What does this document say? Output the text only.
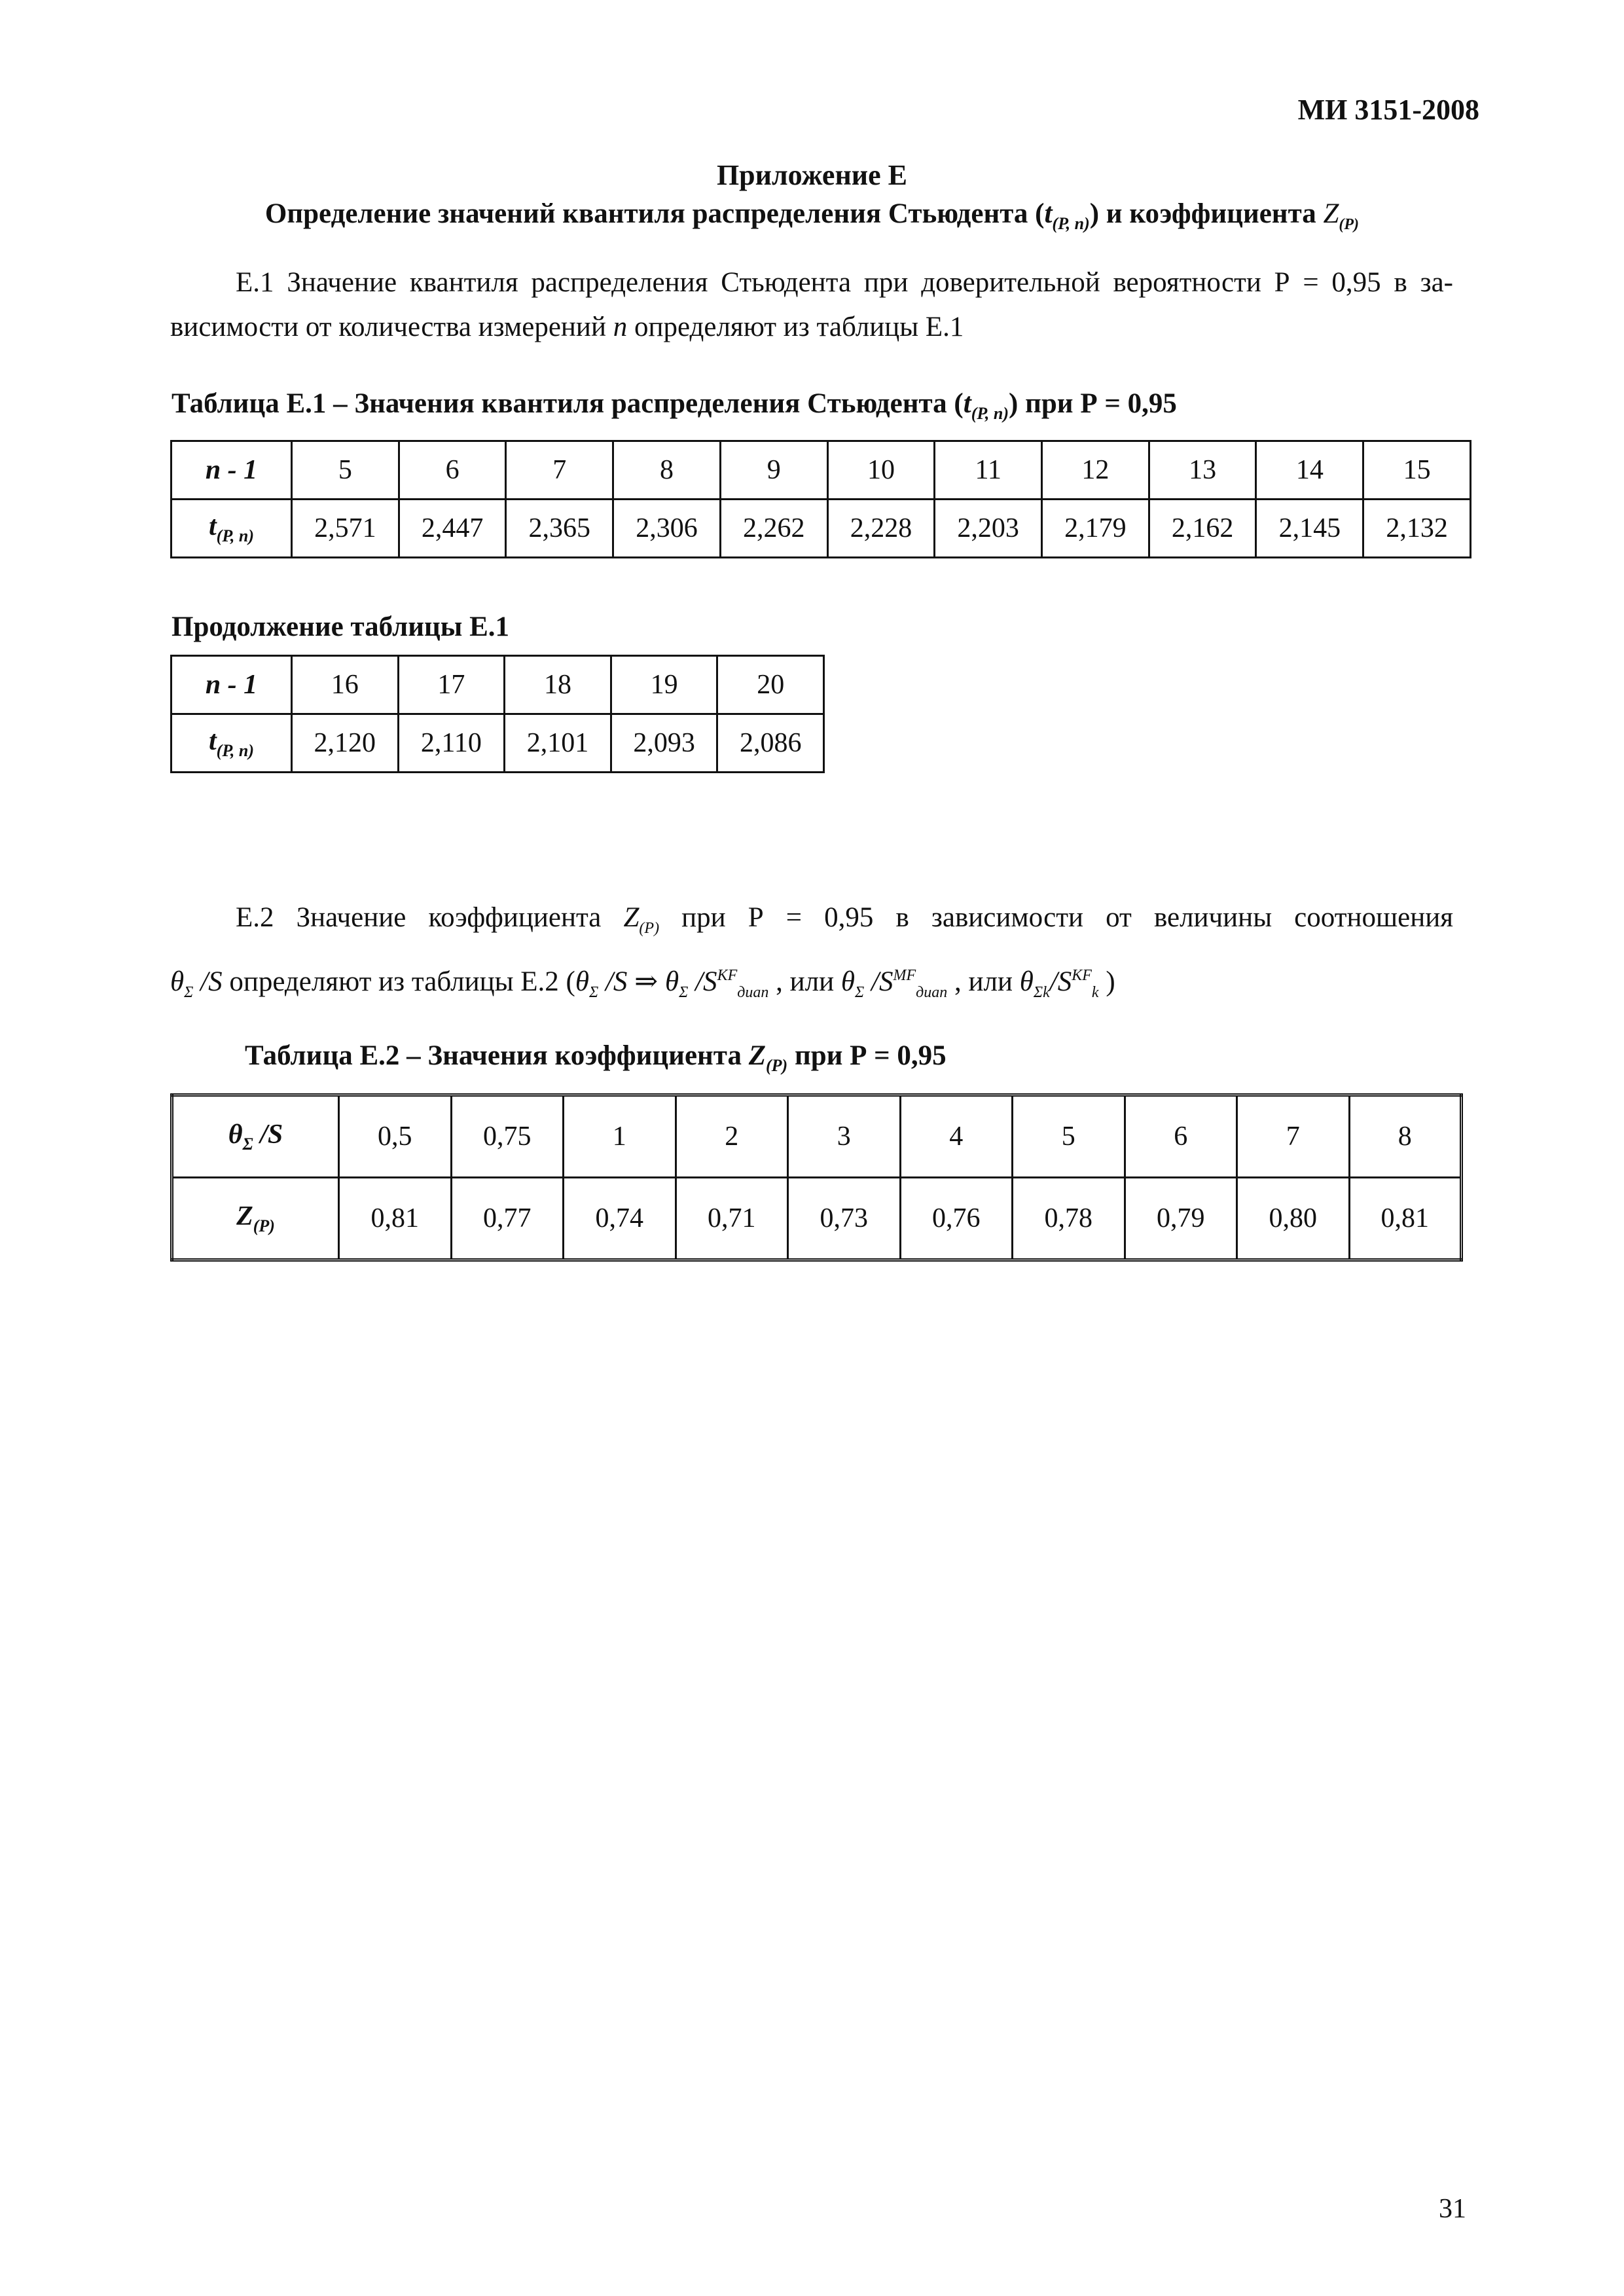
МИ 3151-2008
Приложение Е
Определение значений квантиля распределения Стьюдента $(t_{(P, n)})$ и коэффициента $Z_{(P)}$
Е.1 Значение квантиля распределения Стьюдента при доверительной вероятности Р = 0,95 в за-
висимости от количества измерений n определяют из таблицы Е.1
Таблица Е.1 – Значения квантиля распределения Стьюдента $(t_{(P, n)})$ при Р = 0,95
n - 1	5	6	7	8	9	10	11	12	13	14	15
$t_{(P, n)}$	2,571	2,447	2,365	2,306	2,262	2,228	2,203	2,179	2,162	2,145	2,132
Продолжение таблицы Е.1
n - 1	16	17	18	19	20
$t_{(P, n)}$	2,120	2,110	2,101	2,093	2,086
Е.2 Значение коэффициента $Z_{(P)}$ при Р = 0,95 в зависимости от величины соотношения
$\theta_\Sigma$ /S определяют из таблицы Е.2 ($\theta_\Sigma$ /S ⇒ $\theta_\Sigma$ $/S^{KF}_{диап}$ , или $\theta_\Sigma$ $/S^{MF}_{диап}$ , или $\theta_{\Sigma k}/S^{KF}_k$ )
Таблица Е.2 – Значения коэффициента $Z_{(P)}$ при Р = 0,95
$\theta_\Sigma$ /S	0,5	0,75	1	2	3	4	5	6	7	8
$Z_{(P)}$	0,81	0,77	0,74	0,71	0,73	0,76	0,78	0,79	0,80	0,81
31
